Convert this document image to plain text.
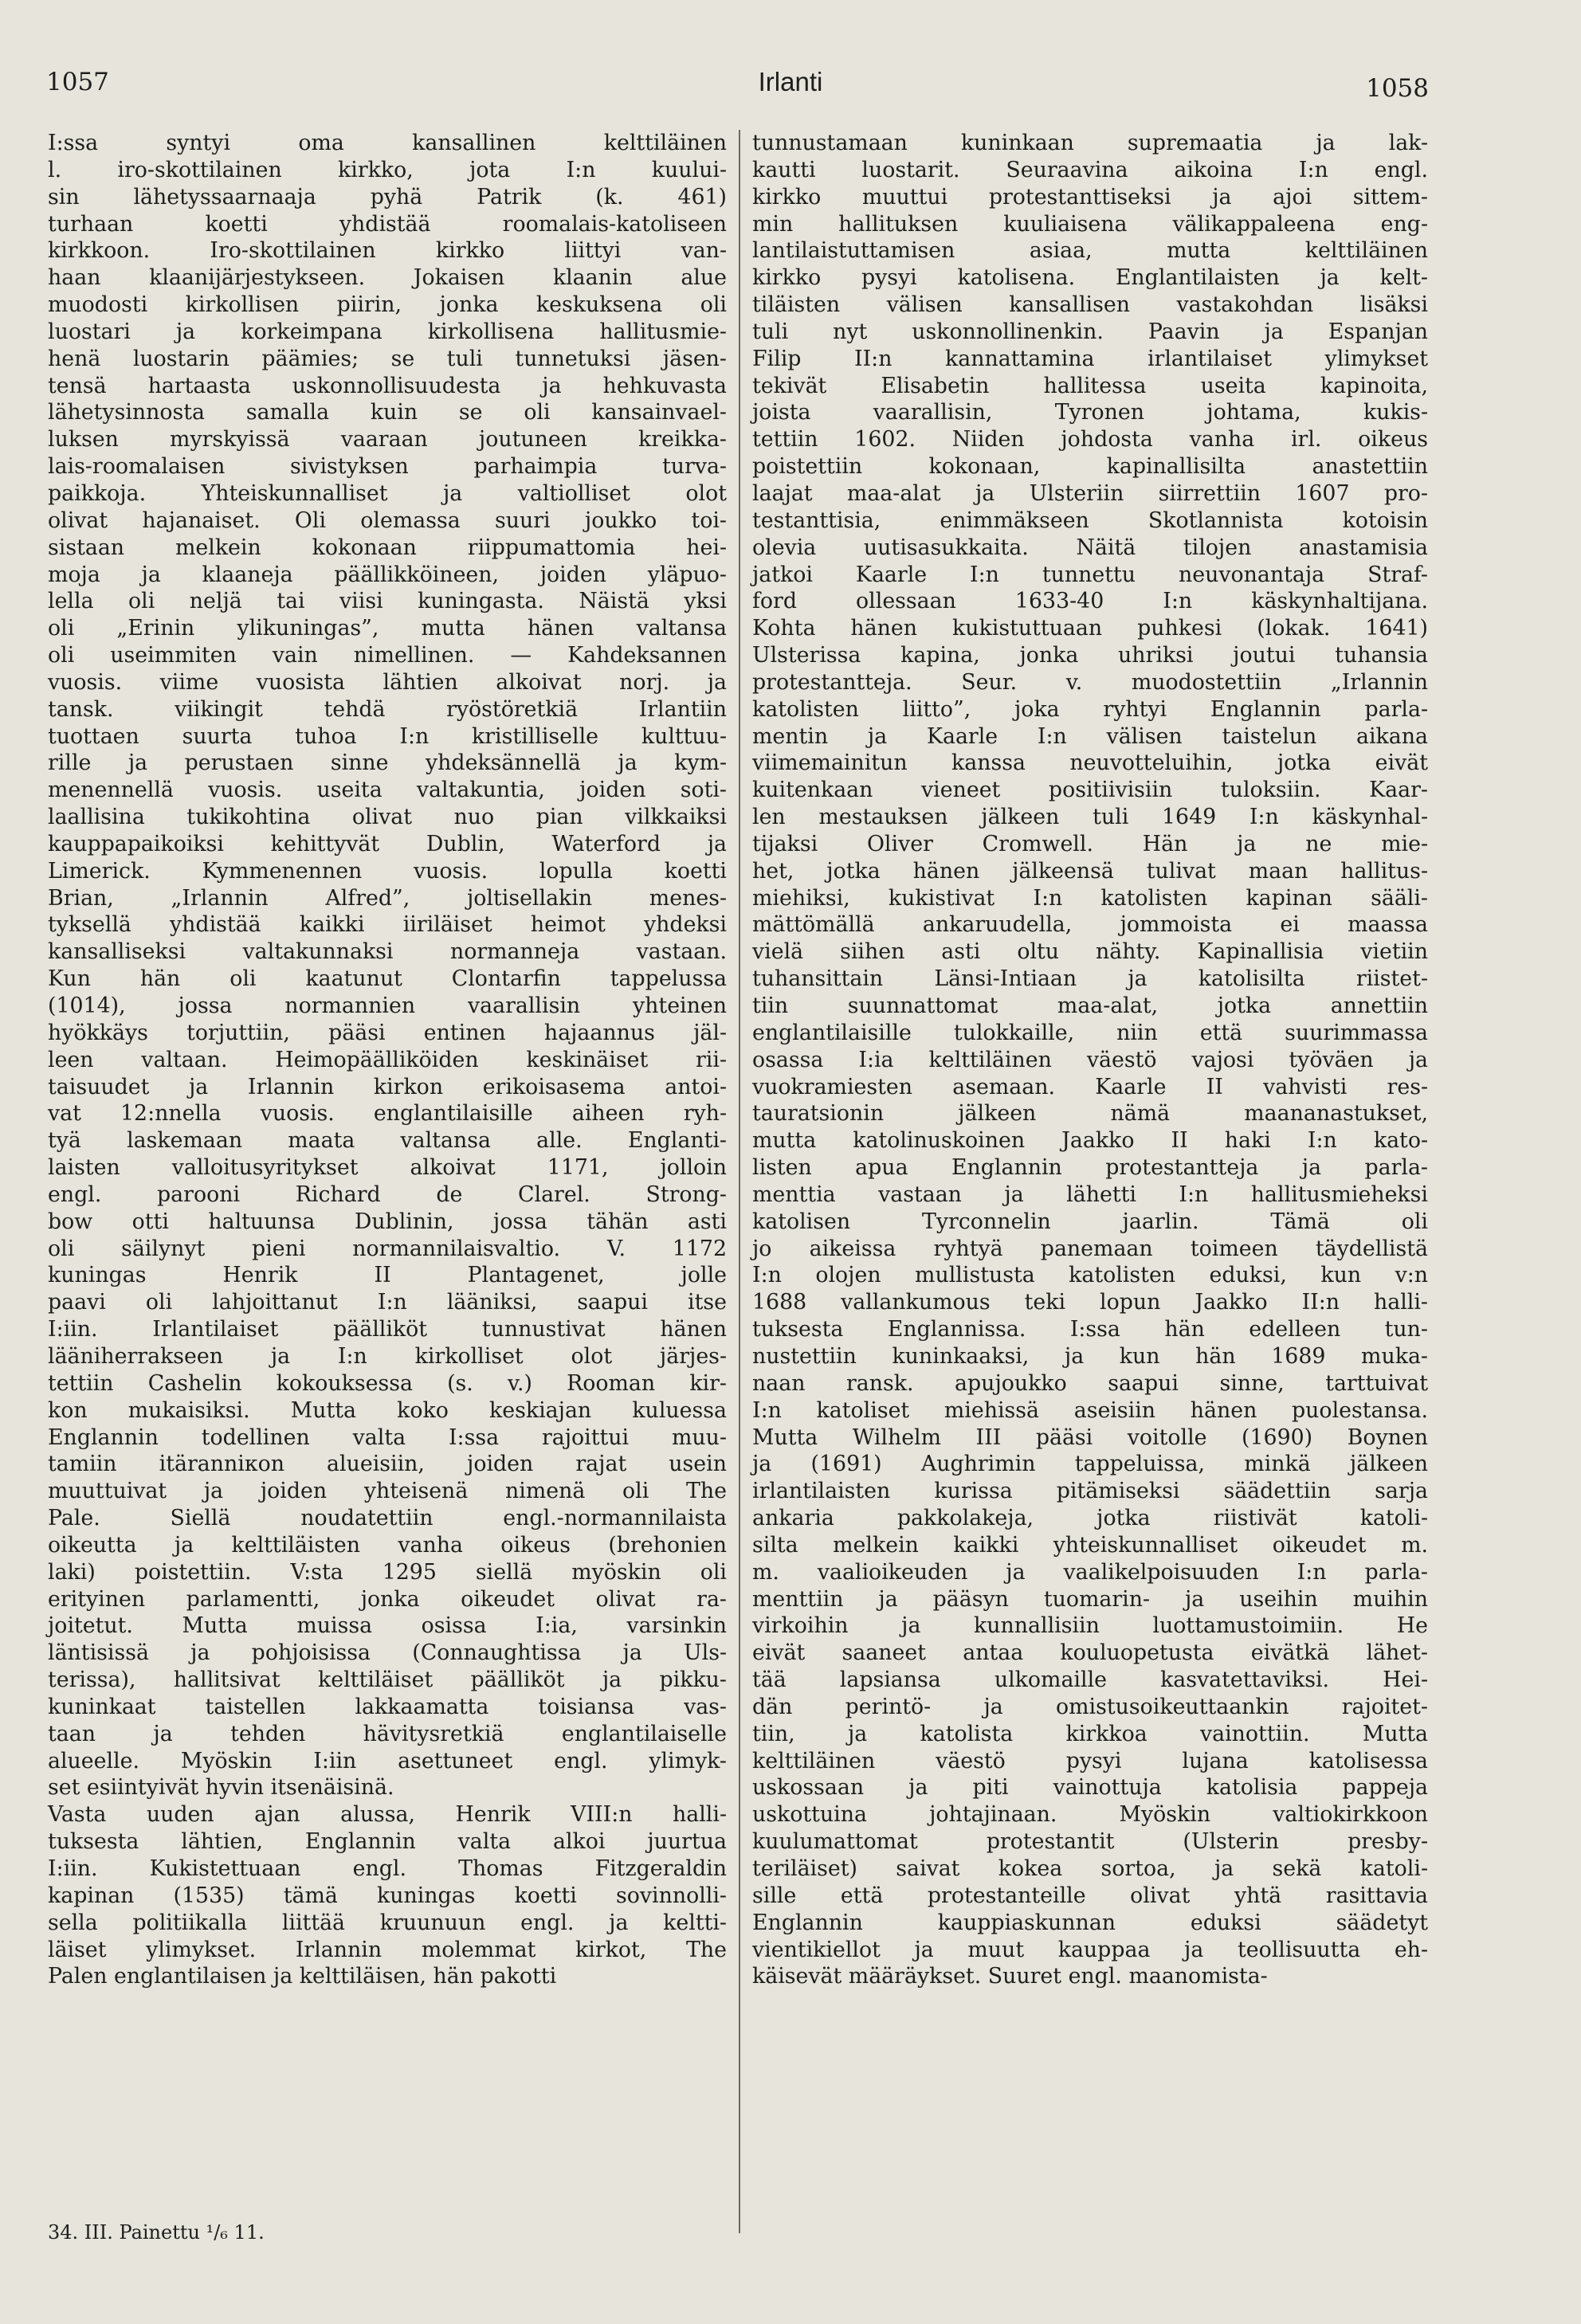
1057	Irlanti	1058
I:ssa syntyi oma kansallinen kelttiläinen
l. iro-skottilainen kirkko, jota I:n kuului-
sin lähetyssaarnaaja pyhä Patrik (k. 461)
turhaan koetti yhdistää roomalais-katoliseen
kirkkoon. Iro-skottilainen kirkko liittyi van-
haan klaanijärjestykseen. Jokaisen klaanin alue
muodosti kirkollisen piirin, jonka keskuksena oli
luostari ja korkeimpana kirkollisena hallitusmie-
henä luostarin päämies; se tuli tunnetuksi jäsen-
tensä hartaasta uskonnollisuudesta ja hehkuvasta
lähetysinnosta samalla kuin se oli kansainvael-
luksen myrskyissä vaaraan joutuneen kreikka-
lais-roomalaisen sivistyksen parhaimpia turva-
paikkoja. Yhteiskunnalliset ja valtiolliset olot
olivat hajanaiset. Oli olemassa suuri joukko toi-
sistaan melkein kokonaan riippumattomia hei-
moja ja klaaneja päällikköineen, joiden yläpuo-
lella oli neljä tai viisi kuningasta. Näistä yksi
oli „Erinin ylikuningas”, mutta hänen valtansa
oli useimmiten vain nimellinen. — Kahdeksannen
vuosis. viime vuosista lähtien alkoivat norj. ja
tansk. viikingit tehdä ryöstöretkiä Irlantiin
tuottaen suurta tuhoa I:n kristilliselle kulttuu-
rille ja perustaen sinne yhdeksännellä ja kym-
menennellä vuosis. useita valtakuntia, joiden soti-
laallisina tukikohtina olivat nuo pian vilkkaiksi
kauppapaikoiksi kehittyvät Dublin, Waterford ja
Limerick. Kymmenennen vuosis. lopulla koetti
Brian, „Irlannin Alfred”, joltisellakin menes-
tyksellä yhdistää kaikki iiriläiset heimot yhdeksi
kansalliseksi valtakunnaksi normanneja vastaan.
Kun hän oli kaatunut Clontarfin tappelussa
(1014), jossa normannien vaarallisin yhteinen
hyökkäys torjuttiin, pääsi entinen hajaannus jäl-
leen valtaan. Heimopäälliköiden keskinäiset rii-
taisuudet ja Irlannin kirkon erikoisasema antoi-
vat 12:nnella vuosis. englantilaisille aiheen ryh-
tyä laskemaan maata valtansa alle. Englanti-
laisten valloitusyritykset alkoivat 1171, jolloin
engl. parooni Richard de Clarel. Strong-
bow otti haltuunsa Dublinin, jossa tähän asti
oli säilynyt pieni normannilaisvaltio. V. 1172
kuningas Henrik II Plantagenet, jolle
paavi oli lahjoittanut I:n lääniksi, saapui itse
I:iin. Irlantilaiset päälliköt tunnustivat hänen
lääniherrakseen ja I:n kirkolliset olot järjes-
tettiin Cashelin kokouksessa (s. v.) Rooman kir-
kon mukaisiksi. Mutta koko keskiajan kuluessa
Englannin todellinen valta I:ssa rajoittui muu-
tamiin itäranniкon alueisiin, joiden rajat usein
muuttuivat ja joiden yhteisenä nimenä oli The
Pale. Siellä noudatettiin engl.-normannilaista
oikeutta ja kelttiläisten vanha oikeus (brehonien
laki) poistettiin. V:sta 1295 siellä myöskin oli
erityinen parlamentti, jonka oikeudet olivat ra-
joitetut. Mutta muissa osissa I:ia, varsinkin
läntisissä ja pohjoisissa (Connaughtissa ja Uls-
terissa), hallitsivat kelttiläiset päälliköt ja pikku-
kuninkaat taistellen lakkaamatta toisiansa vas-
taan ja tehden hävitysretkiä englantilaiselle
alueelle. Myöskin I:iin asettuneet engl. ylimyk-
set esiintyivät hyvin itsenäisinä.
Vasta uuden ajan alussa, Henrik VIII:n halli-
tuksesta lähtien, Englannin valta alkoi juurtua
I:iin. Kukistettuaan engl. Thomas Fitzgeraldin
kapinan (1535) tämä kuningas koetti sovinnolli-
sella politiikalla liittää kruunuun engl. ja keltti-
läiset ylimykset. Irlannin molemmat kirkot, The
Palen englantilaisen ja kelttiläisen, hän pakotti
tunnustamaan kuninkaan supremaatia ja lak-
kautti luostarit. Seuraavina aikoina I:n engl.
kirkko muuttui protestanttiseksi ja ajoi sittem-
min hallituksen kuuliaisena välikappaleena eng-
lantilaistuttamisen asiaa, mutta kelttiläinen
kirkko pysyi katolisena. Englantilaisten ja kelt-
tiläisten välisen kansallisen vastakohdan lisäksi
tuli nyt uskonnollinenkin. Paavin ja Espanjan
Filip II:n kannattamina irlantilaiset ylimykset
tekivät Elisabetin hallitessa useita kapinoita,
joista vaarallisin, Tyronen johtama, kukis-
tettiin 1602. Niiden johdosta vanha irl. oikeus
poistettiin kokonaan, kapinallisilta anastettiin
laajat maa-alat ja Ulsteriin siirrettiin 1607 pro-
testanttisia, enimmäkseen Skotlannista kotoisin
olevia uutisasukkaita. Näitä tilojen anastamisia
jatkoi Kaarle I:n tunnettu neuvonantaja Straf-
ford ollessaan 1633-40 I:n käskynhaltijana.
Kohta hänen kukistuttuaan puhkesi (lokak. 1641)
Ulsterissa kapina, jonka uhriksi joutui tuhansia
protestantteja. Seur. v. muodostettiin „Irlannin
katolisten liitto”, joka ryhtyi Englannin parla-
mentin ja Kaarle I:n välisen taistelun aikana
viimemainitun kanssa neuvotteluihin, jotka eivät
kuitenkaan vieneet positiivisiin tuloksiin. Kaar-
len mestauksen jälkeen tuli 1649 I:n käskynhal-
tijaksi Oliver Cromwell. Hän ja ne mie-
het, jotka hänen jälkeensä tulivat maan hallitus-
miehiksi, kukistivat I:n katolisten kapinan sääli-
mättömällä ankaruudella, jommoista ei maassa
vielä siihen asti oltu nähty. Kapinallisia vietiin
tuhansittain Länsi-Intiaan ja katolisilta riistet-
tiin suunnattomat maa-alat, jotka annettiin
englantilaisille tulokkaille, niin että suurimmassa
osassa I:ia kelttiläinen väestö vajosi työväen ja
vuokramiesten asemaan. Kaarle II vahvisti res-
tauratsionin jälkeen nämä maananastukset,
mutta katolinuskoinen Jaakko II haki I:n kato-
listen apua Englannin protestantteja ja parla-
menttia vastaan ja lähetti I:n hallitusmieheksi
katolisen Tyrconnelin jaarlin. Tämä oli
jo aikeissa ryhtyä panemaan toimeen täydellistä
I:n olojen mullistusta katolisten eduksi, kun v:n
1688 vallankumous teki lopun Jaakko II:n halli-
tuksesta Englannissa. I:ssa hän edelleen tun-
nustettiin kuninkaaksi, ja kun hän 1689 muka-
naan ransk. apujoukko saapui sinne, tarttuivat
I:n katoliset miehissä aseisiin hänen puolestansa.
Mutta Wilhelm III pääsi voitolle (1690) Boynen
ja (1691) Aughrimin tappeluissa, minkä jälkeen
irlantilaisten kurissa pitämiseksi säädettiin sarja
ankaria pakkolakeja, jotka riistivät katoli-
silta melkein kaikki yhteiskunnalliset oikeudet m.
m. vaalioikeuden ja vaalikelpoisuuden I:n parla-
menttiin ja pääsyn tuomarin- ja useihin muihin
virkoihin ja kunnallisiin luottamustoimiin. He
eivät saaneet antaa kouluopetusta eivätkä lähet-
tää lapsiansa ulkomaille kasvatettaviksi. Hei-
dän perintö- ja omistusoikeuttaankin rajoitet-
tiin, ja katolista kirkkoa vainottiin. Mutta
kelttiläinen väestö pysyi lujana katolisessa
uskossaan ja piti vainottuja katolisia pappeja
uskottuina johtajinaan. Myöskin valtiokirkkoon
kuulumattomat protestantit (Ulsterin presby-
teriläiset) saivat kokea sortoa, ja sekä katoli-
sille että protestanteille olivat yhtä rasittavia
Englannin kauppiaskunnan eduksi säädetyt
vientikiellot ja muut kauppaa ja teollisuutta eh-
käisevät määräykset. Suuret engl. maanomista-
34. III. Painettu ¹/₆ 11.
